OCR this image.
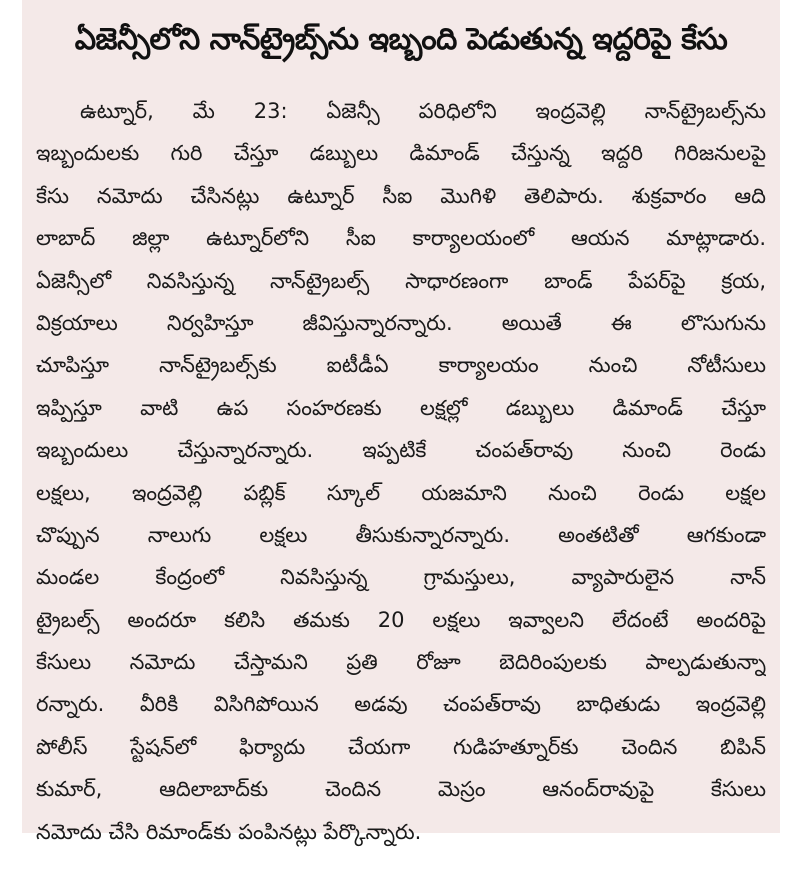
ఏజెన్సీలోని నాన్‌ట్రైబ్స్‌ను ఇబ్బంది పెడుతున్న ఇద్దరిపై కేసు
ఉట్నూర్, మే 23: ఏజెన్సీ పరిధిలోని ఇంద్రవెల్లి నాన్‌ట్రైబల్స్‌ను
ఇబ్బందులకు గురి చేస్తూ డబ్బులు డిమాండ్ చేస్తున్న ఇద్దరి గిరిజనులపై
కేసు నమోదు చేసినట్లు ఉట్నూర్ సీఐ మొగిళి తెలిపారు. శుక్రవారం ఆది
లాబాద్ జిల్లా ఉట్నూర్‌లోని సీఐ కార్యాలయంలో ఆయన మాట్లాడారు.
ఏజెన్సీలో నివసిస్తున్న నాన్‌ట్రైబల్స్ సాధారణంగా బాండ్ పేపర్‌పై క్రయ,
విక్రయాలు నిర్వహిస్తూ జీవిస్తున్నారన్నారు. అయితే ఈ లొసుగును
చూపిస్తూ నాన్‌ట్రైబల్స్‌కు ఐటీడీఏ కార్యాలయం నుంచి నోటీసులు
ఇప్పిస్తూ వాటి ఉప సంహరణకు లక్షల్లో డబ్బులు డిమాండ్ చేస్తూ
ఇబ్బందులు చేస్తున్నారన్నారు. ఇప్పటికే చంపత్‌రావు నుంచి రెండు
లక్షలు, ఇంద్రవెల్లి పబ్లిక్ స్కూల్ యజమాని నుంచి రెండు లక్షల
చొప్పున నాలుగు లక్షలు తీసుకున్నారన్నారు. అంతటితో ఆగకుండా
మండల కేంద్రంలో నివసిస్తున్న గ్రామస్తులు, వ్యాపారులైన నాన్
ట్రైబల్స్ అందరూ కలిసి తమకు 20 లక్షలు ఇవ్వాలని లేదంటే అందరిపై
కేసులు నమోదు చేస్తామని ప్రతి రోజూ బెదిరింపులకు పాల్పడుతున్నా
రన్నారు. వీరికి విసిగిపోయిన అడవు చంపత్‌రావు బాధితుడు ఇంద్రవెల్లి
పోలీస్ స్టేషన్‌లో ఫిర్యాదు చేయగా గుడిహత్నూర్‌కు చెందిన బిపిన్
కుమార్, ఆదిలాబాద్‌కు చెందిన మెస్రం ఆనంద్‌రావుపై కేసులు
నమోదు చేసి రిమాండ్‌కు పంపినట్లు పేర్కొన్నారు.
